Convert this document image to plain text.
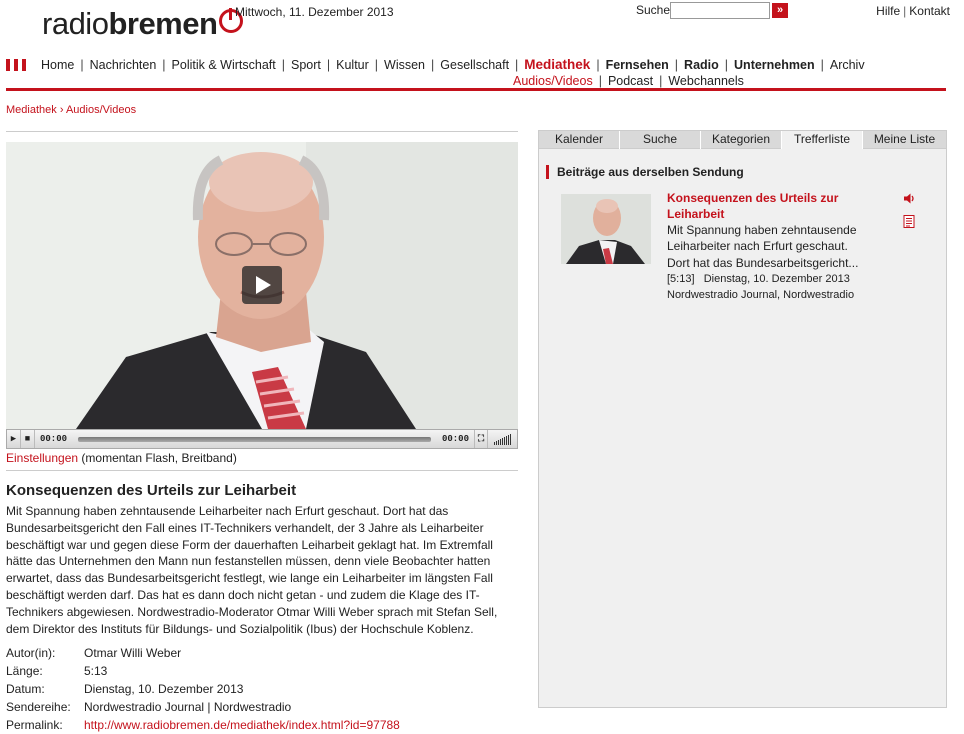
radiobremen Mittwoch, 11. Dezember 2013	Suche	»	Hilfe | Kontakt
Home | Nachrichten | Politik & Wirtschaft | Sport | Kultur | Wissen | Gesellschaft | Mediathek | Fernsehen | Radio | Unternehmen | Archiv
Audios/Videos | Podcast | Webchannels
Mediathek › Audios/Videos
▶ ■	00:00	00:00 ⛶
Einstellungen (momentan Flash, Breitband)
Konsequenzen des Urteils zur Leiharbeit
Mit Spannung haben zehntausende Leiharbeiter nach Erfurt geschaut. Dort hat das Bundesarbeitsgericht den Fall eines IT-Technikers verhandelt, der 3 Jahre als Leiharbeiter beschäftigt war und gegen diese Form der dauerhaften Leiharbeit geklagt hat. Im Extremfall hätte das Unternehmen den Mann nun festanstellen müssen, denn viele Beobachter hatten erwartet, dass das Bundesarbeitsgericht festlegt, wie lange ein Leiharbeiter im längsten Fall beschäftigt werden darf. Das hat es dann doch nicht getan - und zudem die Klage des IT-Technikers abgewiesen. Nordwestradio-Moderator Otmar Willi Weber sprach mit Stefan Sell, dem Direktor des Instituts für Bildungs- und Sozialpolitik (Ibus) der Hochschule Koblenz.
Autor(in):	Otmar Willi Weber
Länge:	5:13
Datum:	Dienstag, 10. Dezember 2013
Sendereihe:	Nordwestradio Journal | Nordwestradio
Permalink:	http://www.radiobremen.de/mediathek/index.html?id=97788
Kalender	Suche	Kategorien	Trefferliste	Meine Liste
Beiträge aus derselben Sendung
Konsequenzen des Urteils zur Leiharbeit
Mit Spannung haben zehntausende Leiharbeiter nach Erfurt geschaut. Dort hat das Bundesarbeitsgericht...
[5:13]   Dienstag, 10. Dezember 2013
Nordwestradio Journal, Nordwestradio
